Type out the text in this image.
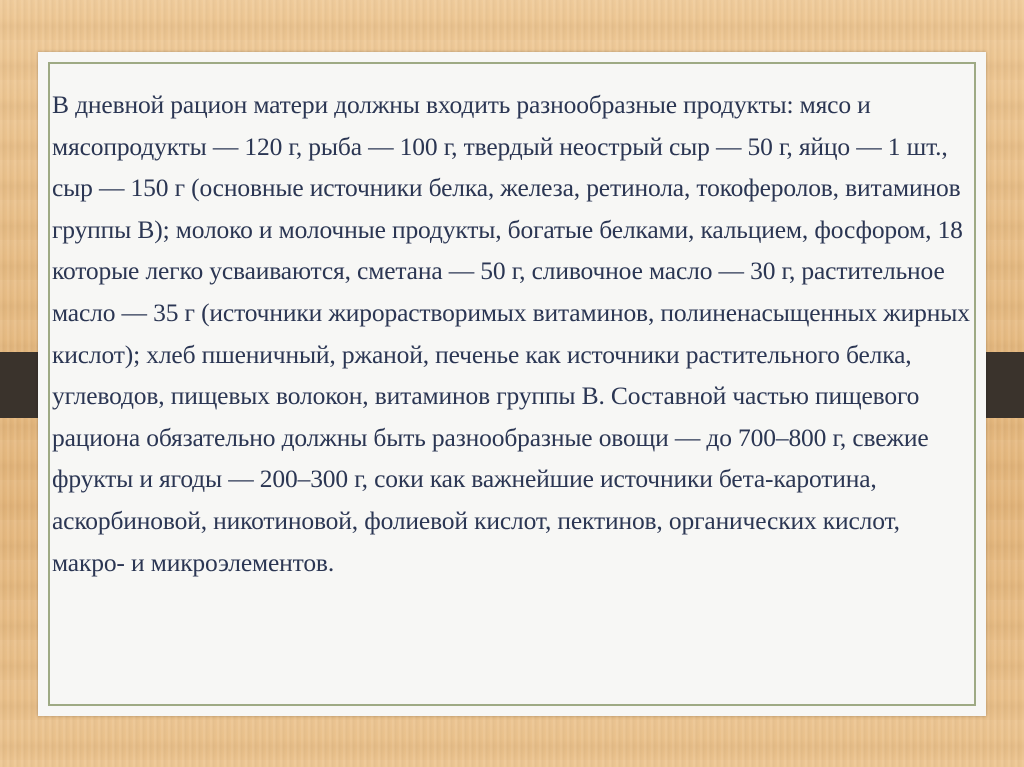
В дневной рацион матери должны входить разнообразные продукты: мясо и мясопродукты — 120 г, рыба — 100 г, твердый неострый сыр — 50 г, яйцо — 1 шт., сыр — 150 г (основные источники белка, железа, ретинола, токоферолов, витаминов группы В); молоко и молочные продукты, богатые белками, кальцием, фосфором, 18 которые легко усваиваются, сметана — 50 г, сливочное масло — 30 г, растительное масло — 35 г (источники жирорастворимых витаминов, полиненасыщенных жирных кислот); хлеб пшеничный, ржаной, печенье как источники растительного белка, углеводов, пищевых волокон, витаминов группы В. Составной частью пищевого рациона обязательно должны быть разнообразные овощи — до 700–800 г, свежие фрукты и ягоды — 200–300 г, соки как важнейшие источники бета-каротина, аскорбиновой, никотиновой, фолиевой кислот, пектинов, органических кислот, макро- и микроэлементов.
